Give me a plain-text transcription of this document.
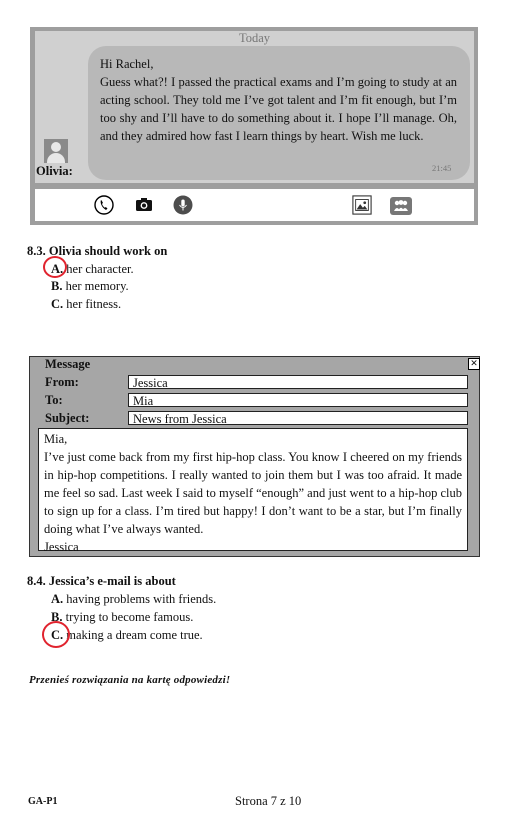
Today
Hi Rachel,
Guess what?! I passed the practical exams and I’m going to study at an acting school. They told me I’ve got talent and I’m fit enough, but I’m too shy and I’ll have to do something about it. I hope I’ll manage. Oh, and they admired how fast I learn things by heart. Wish me luck.
21:45
Olivia:
8.3. Olivia should work on
A. her character.
B. her memory.
C. her fitness.
Message	✕
From:	Jessica
To:	Mia
Subject:	News from Jessica
Mia,
I’ve just come back from my first hip-hop class. You know I cheered on my friends in hip-hop competitions. I really wanted to join them but I was too afraid. It made me feel so sad. Last week I said to myself “enough” and just went to a hip-hop club to sign up for a class. I’m tired but happy! I don’t want to be a star, but I’m finally doing what I’ve always wanted.
Jessica
8.4. Jessica’s e-mail is about
A. having problems with friends.
B. trying to become famous.
C. making a dream come true.
Przenieś rozwiązania na kartę odpowiedzi!
GA-P1	Strona 7 z 10
